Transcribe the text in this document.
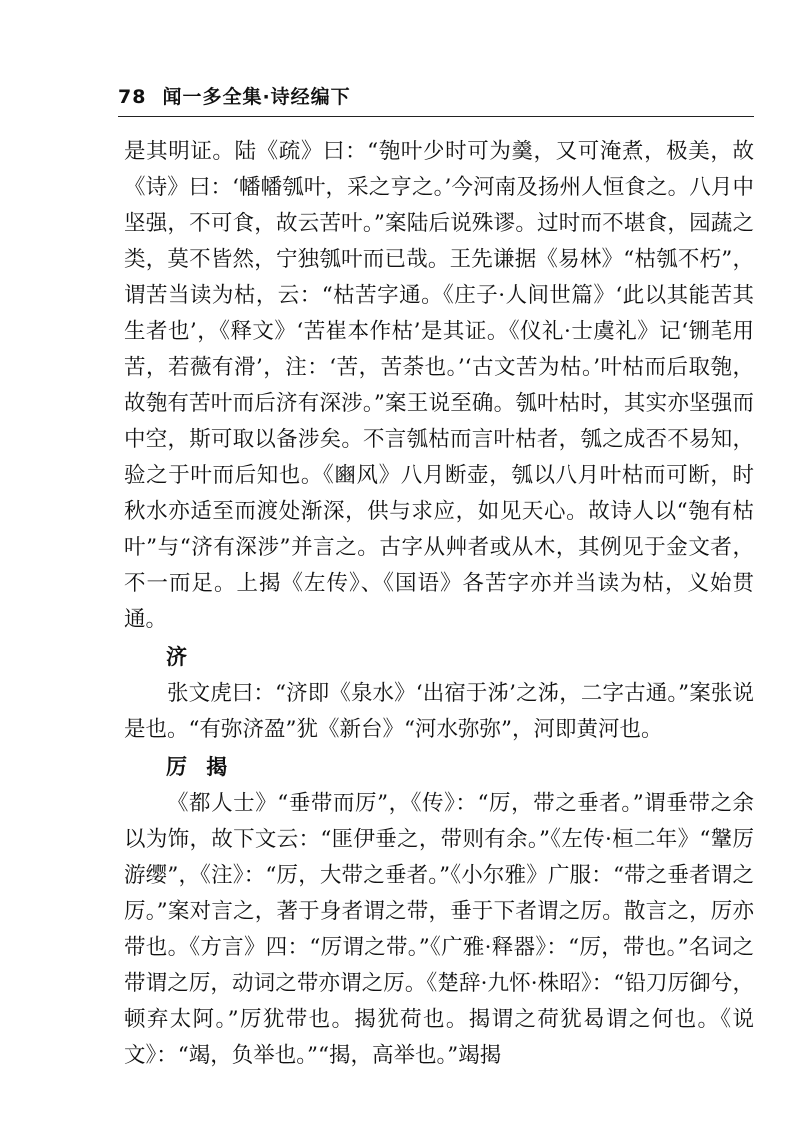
78 闻一多全集·诗经编下

是其明证。陆《疏》曰：“匏叶少时可为羹，又可淹煮，极美，故《诗》曰：‘幡幡瓠叶，采之亨之。’今河南及扬州人恒食之。八月中坚强，不可食，故云苦叶。”案陆后说殊谬。过时而不堪食，园蔬之类，莫不皆然，宁独瓠叶而已哉。王先谦据《易林》“枯瓠不朽”，谓苦当读为枯，云：“枯苦字通。《庄子·人间世篇》‘此以其能苦其生者也’，《释文》‘苦崔本作枯’是其证。《仪礼·士虞礼》记‘铏芼用苦，若薇有滑’，注：‘苦，苦荼也。’‘古文苦为枯。’叶枯而后取匏，故匏有苦叶而后济有深涉。”案王说至确。瓠叶枯时，其实亦坚强而中空，斯可取以备涉矣。不言瓠枯而言叶枯者，瓠之成否不易知，验之于叶而后知也。《豳风》八月断壶，瓠以八月叶枯而可断，时秋水亦适至而渡处渐深，供与求应，如见天心。故诗人以“匏有枯叶”与“济有深涉”并言之。古字从艸者或从木，其例见于金文者，不一而足。上揭《左传》、《国语》各苦字亦并当读为枯，义始贯通。

济

张文虎曰：“济即《泉水》‘出宿于泲’之泲，二字古通。”案张说是也。“有弥济盈”犹《新台》“河水弥弥”，河即黄河也。

厉 揭

《都人士》“垂带而厉”，《传》：“厉，带之垂者。”谓垂带之余以为饰，故下文云：“匪伊垂之，带则有余。”《左传·桓二年》“鞶厉游缨”，《注》：“厉，大带之垂者。”《小尔雅》广服：“带之垂者谓之厉。”案对言之，著于身者谓之带，垂于下者谓之厉。散言之，厉亦带也。《方言》四：“厉谓之带。”《广雅·释器》：“厉，带也。”名词之带谓之厉，动词之带亦谓之厉。《楚辞·九怀·株昭》：“铅刀厉御兮，顿弃太阿。”厉犹带也。揭犹荷也。揭谓之荷犹曷谓之何也。《说文》：“竭，负举也。”“揭，高举也。”竭揭
